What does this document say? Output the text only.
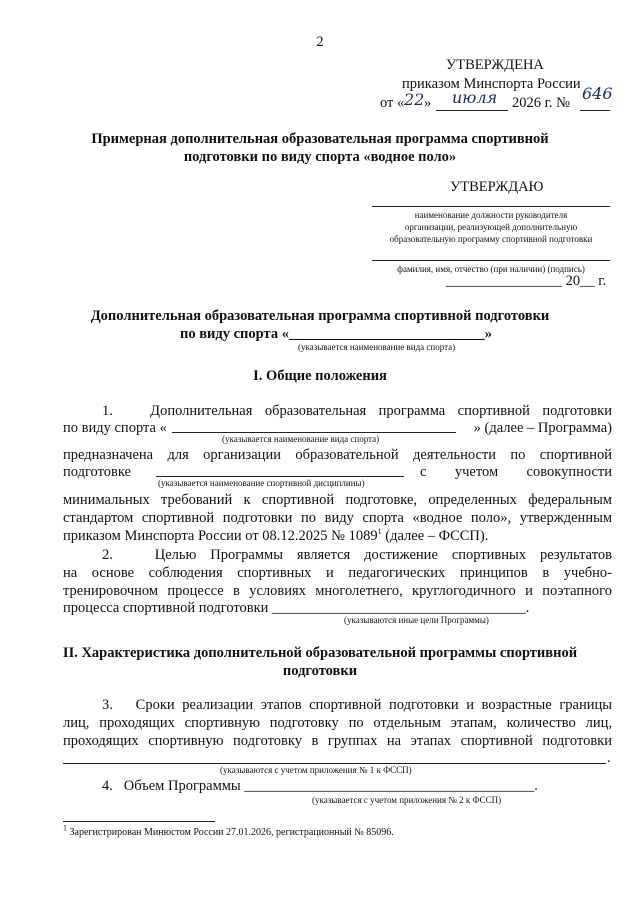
2
УТВЕРЖДЕНА
приказом Минспорта России
от « 22 » июля 2026 г. № 646
Примерная дополнительная образовательная программа спортивной
подготовки по виду спорта «водное поло»
УТВЕРЖДАЮ
наименование должности руководителя
организации, реализующей дополнительную
образовательную программу спортивной подготовки
фамилия, имя, отчество (при наличии) (подпись)
________________ 20__ г.
Дополнительная образовательная программа спортивной подготовки
по виду спорта «___________________________»
(указывается наименование вида спорта)
I. Общие положения
1.   Дополнительная образовательная программа спортивной подготовки
по виду спорта «	» (далее – Программа)
(указывается наименование вида спорта)
предназначена для организации образовательной деятельности по спортивной
подготовке	с учетом совокупности
(указывается наименование спортивной дисциплины)
минимальных требований к спортивной подготовке, определенных федеральным
стандартом спортивной подготовки по виду спорта «водное поло», утвержденным
приказом Минспорта России от 08.12.2025 № 1089$^1$ (далее – ФССП).
2.   Целью Программы является достижение спортивных результатов
на основе соблюдения спортивных и педагогических принципов в учебно-
тренировочном процессе в условиях многолетнего, круглогодичного и поэтапного
процесса спортивной подготовки ___________________________________.
(указываются иные цели Программы)
II. Характеристика дополнительной образовательной программы спортивной
подготовки
3.   Сроки реализации этапов спортивной подготовки и возрастные границы
лиц, проходящих спортивную подготовку по отдельным этапам, количество лиц,
проходящих спортивную подготовку в группах на этапах спортивной подготовки
.
(указываются с учетом приложения № 1 к ФССП)
4.   Объем Программы ________________________________________.
(указывается с учетом приложения № 2 к ФССП)
$^1$ Зарегистрирован Минюстом России 27.01.2026, регистрационный № 85096.
